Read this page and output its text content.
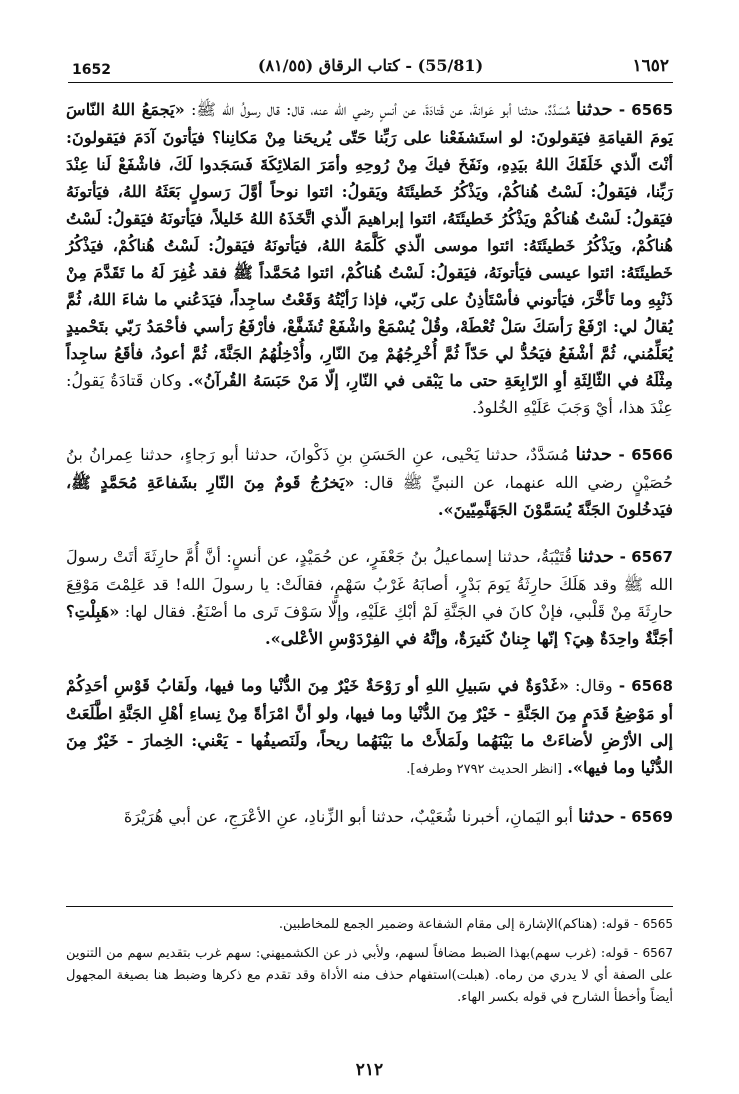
1652	(55/81) - كتاب الرقاق (٨١/٥٥)	١٦٥٢

6565 - حدثنا مُسَدَّدٌ، حدثنا أبو عَوانةَ، عن قَتادَةَ، عن أنسٍ رضي الله عنه، قال: قال رسولُ الله ﷺ: «يَجمَعُ اللهُ النّاسَ يَومَ القيامَةِ فيَقولونَ: لو استَشفَعْنا على رَبِّنا حَتّى يُريحَنا مِنْ مَكانِنا؟ فيَأتونَ آدَمَ فيَقولونَ: أنْتَ الّذي خَلَقَكَ اللهُ بيَدِهِ، ونَفَخَ فيكَ مِنْ رُوحِهِ وأمَرَ المَلائِكَةَ فَسَجَدوا لَكَ، فاشْفَعْ لَنا عِنْدَ رَبِّنا، فيَقولُ: لَسْتُ هُناكُمْ، ويَذْكُرُ خَطيئَتَهُ ويَقولُ: ائتوا نوحاً أوَّلَ رَسولٍ بَعَثَهُ اللهُ، فيَأتونَهُ فيَقولُ: لَسْتُ هُناكُمْ ويَذْكُرُ خَطيئَتَهُ، ائتوا إبراهيمَ الّذي اتَّخَذَهُ اللهُ خَليلاً، فيَأتونَهُ فيَقولُ: لَسْتُ هُناكُمْ، ويَذْكُرُ خَطيئَتَهُ: ائتوا موسى الّذي كَلَّمَهُ اللهُ، فيَأتونَهُ فيَقولُ: لَسْتُ هُناكُمْ، فيَذْكُرُ خَطيئَتَهُ: ائتوا عيسى فيَأتونَهُ، فيَقولُ: لَسْتُ هُناكُمْ، ائتوا مُحَمَّداً ﷺ فقد غُفِرَ لَهُ ما تَقَدَّمَ مِنْ ذَنْبِهِ وما تَأخَّرَ، فيَأتوني فأسْتَأذِنُ على رَبّي، فإذا رَأيْتُهُ وَقَعْتُ ساجِداً، فيَدَعُني ما شاءَ اللهُ، ثُمَّ يُقالُ لي: ارْفَعْ رَأسَكَ سَلْ تُعْطَهْ، وقُلْ يُسْمَعْ واشْفَعْ تُشَفَّعْ، فأرْفَعُ رَأسي فأحْمَدُ رَبّي بتَحْميدٍ يُعَلِّمُني، ثُمَّ أشْفَعُ فيَحُدُّ لي حَدّاً ثُمَّ أُخْرِجُهُمْ مِنَ النّارِ، وأُدْخِلُهُمُ الجَنَّةَ، ثُمَّ أعودُ، فأقَعُ ساجِداً مِثْلَهُ في الثّالِثَةِ أوِ الرّابِعَةِ حتى ما يَبْقى في النّارِ، إلّا مَنْ حَبَسَهُ القُرآنُ». وكان قَتادَةُ يَقولُ: عِنْدَ هذا، أيْ وَجَبَ عَلَيْهِ الخُلودُ.

6566 - حدثنا مُسَدَّدٌ، حدثنا يَحْيى، عنِ الحَسَنِ بنِ ذَكْوانَ، حدثنا أبو رَجاءٍ، حدثنا عِمرانُ بنُ حُصَيْنٍ رضي الله عنهما، عن النبيِّ ﷺ قال: «يَخرُجُ قَومٌ مِنَ النّارِ بشَفاعَةِ مُحَمَّدٍ ﷺ، فيَدخُلونَ الجَنَّةَ يُسَمَّوْنَ الجَهَنَّمِيّينَ».

6567 - حدثنا قُتَيْبَةُ، حدثنا إسماعيلُ بنُ جَعْفَرٍ، عن حُمَيْدٍ، عن أنسٍ: أنَّ أُمَّ حارِثَةَ أتَتْ رسولَ الله ﷺ وقد هَلَكَ حارِثَةُ يَومَ بَدْرٍ، أصابَهُ غَرْبُ سَهْمٍ، فقالَتْ: يا رسولَ الله! قد عَلِمْتَ مَوْقِعَ حارِثَةَ مِنْ قَلْبي، فإنْ كانَ في الجَنَّةِ لَمْ أبْكِ عَلَيْهِ، وإلّا سَوْفَ تَرى ما أصْنَعُ. فقال لها: «هَبِلْتِ؟ أجَنَّةٌ واحِدَةٌ هِيَ؟ إنّها جِنانٌ كَثيرَةٌ، وإنَّهُ في الفِرْدَوْسِ الأعْلى».

6568 - وقال: «غَدْوَةٌ في سَبيلِ اللهِ أو رَوْحَةٌ خَيْرٌ مِنَ الدُّنْيا وما فيها، ولَقابُ قَوْسِ أحَدِكُمْ أو مَوْضِعُ قَدَمٍ مِنَ الجَنَّةِ - خَيْرٌ مِنَ الدُّنْيا وما فيها، ولو أنَّ امْرَأةً مِنْ نِساءِ أهْلِ الجَنَّةِ اطَّلَعَتْ إلى الأرْضِ لأضاءَتْ ما بَيْنَهُما ولَمَلأَتْ ما بَيْنَهُما ريحاً، ولَنَصيفُها - يَعْني: الخِمارَ - خَيْرٌ مِنَ الدُّنْيا وما فيها». [انظر الحديث ٢٧٩٢ وطرفه].

6569 - حدثنا أبو اليَمانِ، أخبرنا شُعَيْبٌ، حدثنا أبو الزِّنادِ، عنِ الأعْرَجِ، عن أبي هُرَيْرَةَ

6565 - قوله: (هناكم)الإشارة إلى مقام الشفاعة وضمير الجمع للمخاطبين.

6567 - قوله: (غرب سهم)بهذا الضبط مضافاً لسهم، ولأبي ذر عن الكشميهني: سهم غرب بتقديم سهم من التنوين على الصفة أي لا يدري من رماه. (هبلت)استفهام حذف منه الأداة وقد تقدم مع ذكرها وضبط هنا بصيغة المجهول أيضاً وأخطأ الشارح في قوله بكسر الهاء.

٢١٢
